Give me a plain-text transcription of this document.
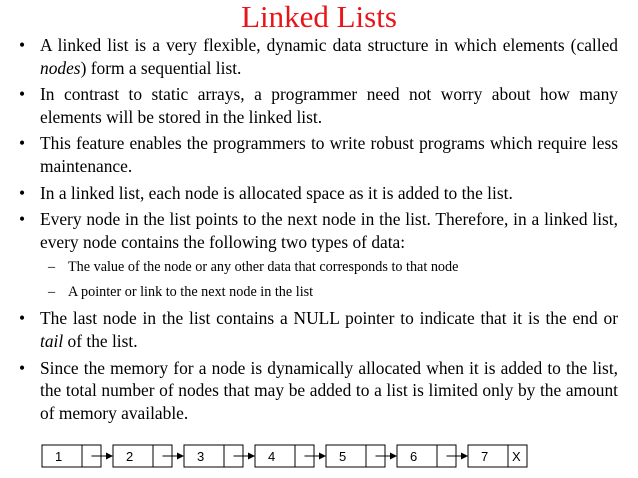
Linked Lists
• A linked list is a very flexible, dynamic data structure in which elements (called nodes) form a sequential list.
• In contrast to static arrays, a programmer need not worry about how many elements will be stored in the linked list.
• This feature enables the programmers to write robust programs which require less maintenance.
• In a linked list, each node is allocated space as it is added to the list.
• Every node in the list points to the next node in the list. Therefore, in a linked list, every node contains the following two types of data:
– The value of the node or any other data that corresponds to that node
– A pointer or link to the next node in the list
• The last node in the list contains a NULL pointer to indicate that it is the end or tail of the list.
• Since the memory for a node is dynamically allocated when it is added to the list, the total number of nodes that may be added to a list is limited only by the amount of memory available.
1	2	3	4	5	6	7 X
